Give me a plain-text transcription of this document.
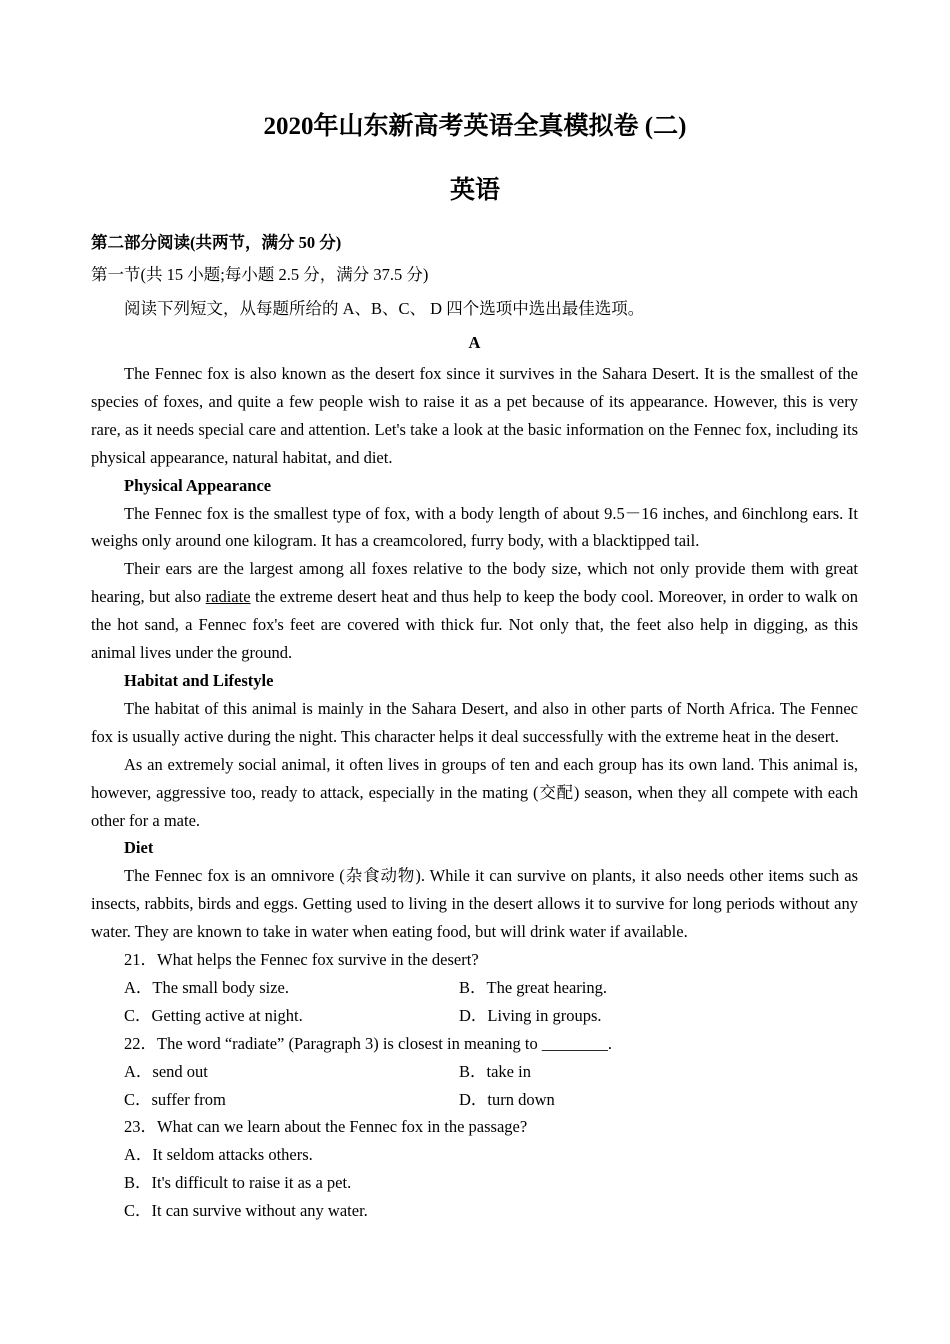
2020年山东新高考英语全真模拟卷 (二)
英语

第二部分阅读(共两节，满分 50 分)

第一节(共 15 小题;每小题 2.5 分，满分 37.5 分)

阅读下列短文，从每题所给的 A、B、C、 D 四个选项中选出最佳选项。

A

The Fennec fox is also known as the desert fox since it survives in the Sahara Desert. It is the smallest of the species of foxes, and quite a few people wish to raise it as a pet because of its appearance. However, this is very rare, as it needs special care and attention. Let's take a look at the basic information on the Fennec fox, including its physical appearance, natural habitat, and diet.

Physical Appearance

The Fennec fox is the smallest type of fox, with a body length of about 9.5－16 inches, and 6inchlong ears. It weighs only around one kilogram. It has a creamcolored, furry body, with a blacktipped tail.

Their ears are the largest among all foxes relative to the body size, which not only provide them with great hearing, but also radiate the extreme desert heat and thus help to keep the body cool. Moreover, in order to walk on the hot sand, a Fennec fox's feet are covered with thick fur. Not only that, the feet also help in digging, as this animal lives under the ground.

Habitat and Lifestyle

The habitat of this animal is mainly in the Sahara Desert, and also in other parts of North Africa. The Fennec fox is usually active during the night. This character helps it deal successfully with the extreme heat in the desert.

As an extremely social animal, it often lives in groups of ten and each group has its own land. This animal is, however, aggressive too, ready to attack, especially in the mating (交配) season, when they all compete with each other for a mate.

Diet

The Fennec fox is an omnivore (杂食动物). While it can survive on plants, it also needs other items such as insects, rabbits, birds and eggs. Getting used to living in the desert allows it to survive for long periods without any water. They are known to take in water when eating food, but will drink water if available.

21．What helps the Fennec fox survive in the desert?

A．The small body size.	B．The great hearing.
C．Getting active at night.	D．Living in groups.

22．The word “radiate” (Paragraph 3) is closest in meaning to ________.

A．send out	B．take in
C．suffer from	D．turn down

23．What can we learn about the Fennec fox in the passage?

A．It seldom attacks others.

B．It's difficult to raise it as a pet.

C．It can survive without any water.
